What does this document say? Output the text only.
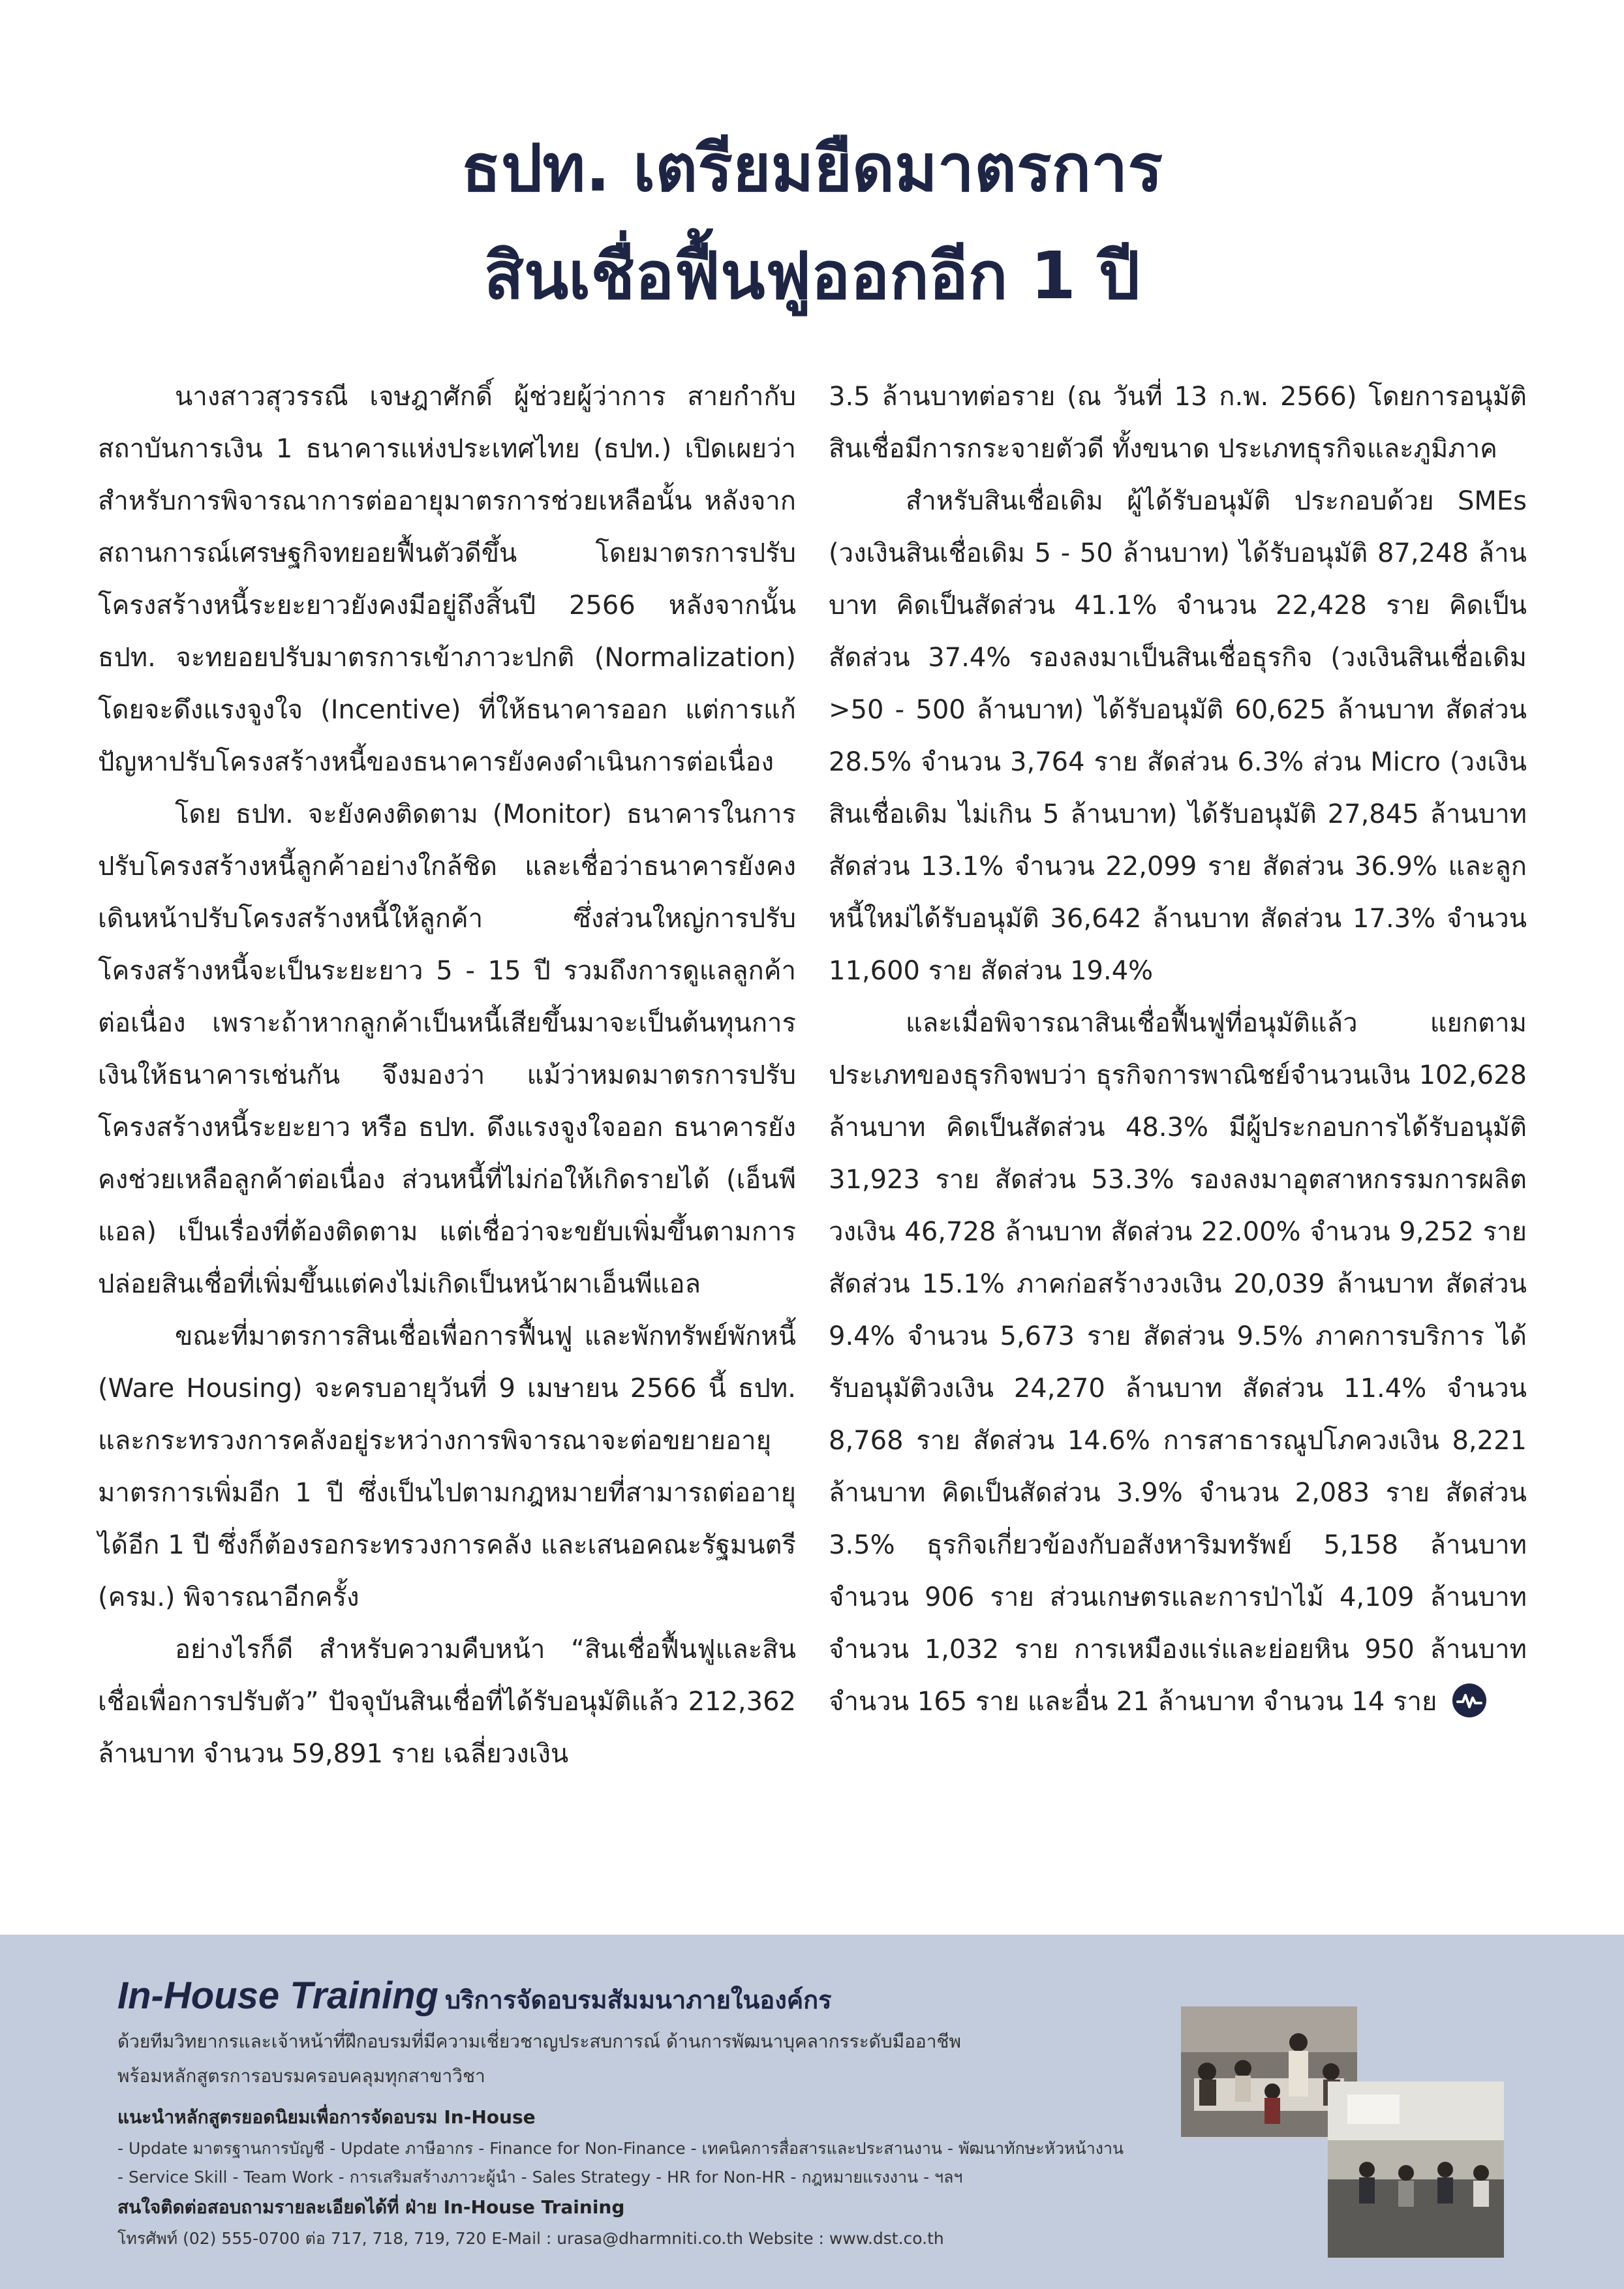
ธปท. เตรียมยืดมาตรการ
สินเชื่อฟื้นฟูออกอีก 1 ปี

นางสาวสุวรรณี เจษฎาศักดิ์ ผู้ช่วยผู้ว่าการ สายกำกับสถาบันการเงิน 1 ธนาคารแห่งประเทศไทย (ธปท.) เปิดเผยว่า สำหรับการพิจารณาการต่ออายุมาตรการช่วยเหลือนั้น หลังจากสถานการณ์เศรษฐกิจทยอยฟื้นตัวดีขึ้น โดยมาตรการปรับโครงสร้างหนี้ระยะยาวยังคงมีอยู่ถึงสิ้นปี 2566 หลังจากนั้น ธปท. จะทยอยปรับมาตรการเข้าภาวะปกติ (Normalization) โดยจะดึงแรงจูงใจ (Incentive) ที่ให้ธนาคารออก แต่การแก้ปัญหาปรับโครงสร้างหนี้ของธนาคารยังคงดำเนินการต่อเนื่อง

โดย ธปท. จะยังคงติดตาม (Monitor) ธนาคารในการปรับโครงสร้างหนี้ลูกค้าอย่างใกล้ชิด และเชื่อว่าธนาคารยังคงเดินหน้าปรับโครงสร้างหนี้ให้ลูกค้า ซึ่งส่วนใหญ่การปรับโครงสร้างหนี้จะเป็นระยะยาว 5 - 15 ปี รวมถึงการดูแลลูกค้าต่อเนื่อง เพราะถ้าหากลูกค้าเป็นหนี้เสียขึ้นมาจะเป็นต้นทุนการเงินให้ธนาคารเช่นกัน จึงมองว่า แม้ว่าหมดมาตรการปรับโครงสร้างหนี้ระยะยาว หรือ ธปท. ดึงแรงจูงใจออก ธนาคารยังคงช่วยเหลือลูกค้าต่อเนื่อง ส่วนหนี้ที่ไม่ก่อให้เกิดรายได้ (เอ็นพีแอล) เป็นเรื่องที่ต้องติดตาม แต่เชื่อว่าจะขยับเพิ่มขึ้นตามการปล่อยสินเชื่อที่เพิ่มขึ้นแต่คงไม่เกิดเป็นหน้าผาเอ็นพีแอล

ขณะที่มาตรการสินเชื่อเพื่อการฟื้นฟู และพักทรัพย์พักหนี้ (Ware Housing) จะครบอายุวันที่ 9 เมษายน 2566 นี้ ธปท. และกระทรวงการคลังอยู่ระหว่างการพิจารณาจะต่อขยายอายุมาตรการเพิ่มอีก 1 ปี ซึ่งเป็นไปตามกฎหมายที่สามารถต่ออายุได้อีก 1 ปี ซึ่งก็ต้องรอกระทรวงการคลัง และเสนอคณะรัฐมนตรี (ครม.) พิจารณาอีกครั้ง

อย่างไรก็ดี สำหรับความคืบหน้า “สินเชื่อฟื้นฟูและสินเชื่อเพื่อการปรับตัว” ปัจจุบันสินเชื่อที่ได้รับอนุมัติแล้ว 212,362 ล้านบาท จำนวน 59,891 ราย เฉลี่ยวงเงิน

3.5 ล้านบาทต่อราย (ณ วันที่ 13 ก.พ. 2566) โดยการอนุมัติสินเชื่อมีการกระจายตัวดี ทั้งขนาด ประเภทธุรกิจและภูมิภาค

สำหรับสินเชื่อเดิม ผู้ได้รับอนุมัติ ประกอบด้วย SMEs (วงเงินสินเชื่อเดิม 5 - 50 ล้านบาท) ได้รับอนุมัติ 87,248 ล้านบาท คิดเป็นสัดส่วน 41.1% จำนวน 22,428 ราย คิดเป็นสัดส่วน 37.4% รองลงมาเป็นสินเชื่อธุรกิจ (วงเงินสินเชื่อเดิม >50 - 500 ล้านบาท) ได้รับอนุมัติ 60,625 ล้านบาท สัดส่วน 28.5% จำนวน 3,764 ราย สัดส่วน 6.3% ส่วน Micro (วงเงินสินเชื่อเดิม ไม่เกิน 5 ล้านบาท) ได้รับอนุมัติ 27,845 ล้านบาท สัดส่วน 13.1% จำนวน 22,099 ราย สัดส่วน 36.9% และลูกหนี้ใหม่ได้รับอนุมัติ 36,642 ล้านบาท สัดส่วน 17.3% จำนวน 11,600 ราย สัดส่วน 19.4%

และเมื่อพิจารณาสินเชื่อฟื้นฟูที่อนุมัติแล้ว แยกตามประเภทของธุรกิจพบว่า ธุรกิจการพาณิชย์จำนวนเงิน 102,628 ล้านบาท คิดเป็นสัดส่วน 48.3% มีผู้ประกอบการได้รับอนุมัติ 31,923 ราย สัดส่วน 53.3% รองลงมาอุตสาหกรรมการผลิต วงเงิน 46,728 ล้านบาท สัดส่วน 22.00% จำนวน 9,252 ราย สัดส่วน 15.1% ภาคก่อสร้างวงเงิน 20,039 ล้านบาท สัดส่วน 9.4% จำนวน 5,673 ราย สัดส่วน 9.5% ภาคการบริการ ได้รับอนุมัติวงเงิน 24,270 ล้านบาท สัดส่วน 11.4% จำนวน 8,768 ราย สัดส่วน 14.6% การสาธารณูปโภควงเงิน 8,221 ล้านบาท คิดเป็นสัดส่วน 3.9% จำนวน 2,083 ราย สัดส่วน 3.5% ธุรกิจเกี่ยวข้องกับอสังหาริมทรัพย์ 5,158 ล้านบาท จำนวน 906 ราย ส่วนเกษตรและการป่าไม้ 4,109 ล้านบาท จำนวน 1,032 ราย การเหมืองแร่และย่อยหิน 950 ล้านบาท จำนวน 165 ราย และอื่น 21 ล้านบาท จำนวน 14 ราย

In-House Training บริการจัดอบรมสัมมนาภายในองค์กร
ด้วยทีมวิทยากรและเจ้าหน้าที่ฝึกอบรมที่มีความเชี่ยวชาญประสบการณ์ ด้านการพัฒนาบุคลากรระดับมืออาชีพ
พร้อมหลักสูตรการอบรมครอบคลุมทุกสาขาวิชา
แนะนำหลักสูตรยอดนิยมเพื่อการจัดอบรม In-House
- Update มาตรฐานการบัญชี - Update ภาษีอากร - Finance for Non-Finance - เทคนิคการสื่อสารและประสานงาน - พัฒนาทักษะหัวหน้างาน
- Service Skill - Team Work - การเสริมสร้างภาวะผู้นำ - Sales Strategy - HR for Non-HR - กฎหมายแรงงาน - ฯลฯ
สนใจติดต่อสอบถามรายละเอียดได้ที่ ฝ่าย In-House Training
โทรศัพท์ (02) 555-0700 ต่อ 717, 718, 719, 720 E-Mail : urasa@dharmniti.co.th Website : www.dst.co.th
